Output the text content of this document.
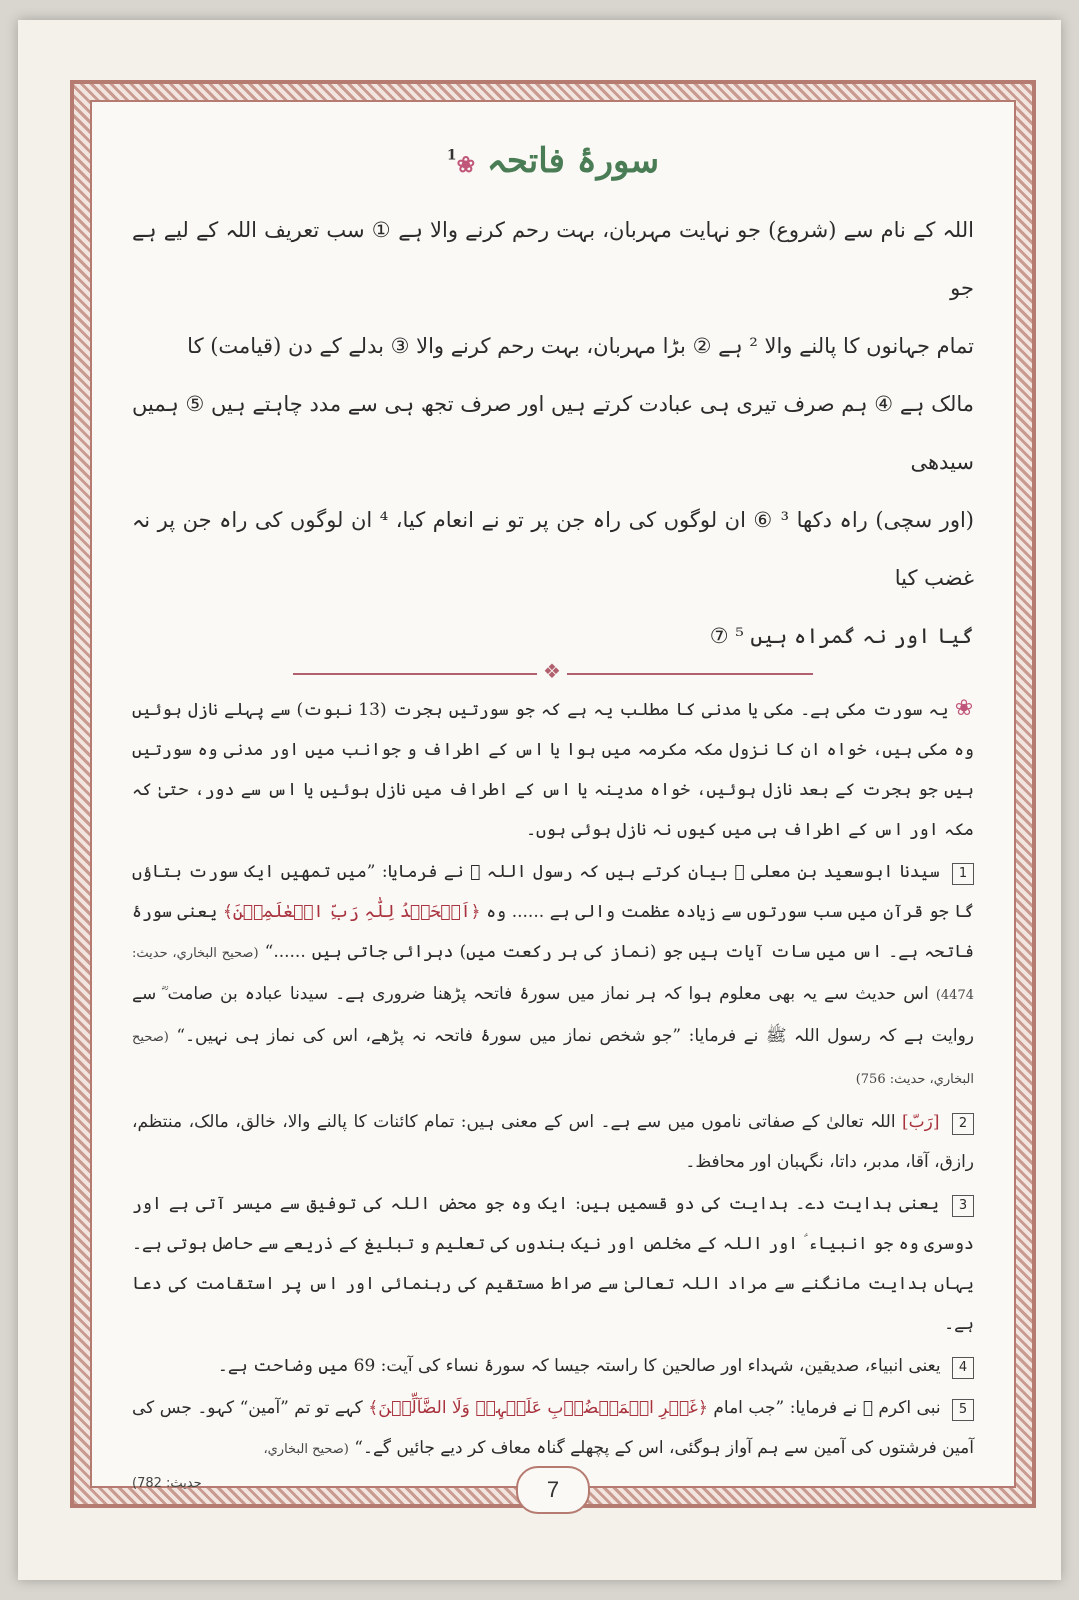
سورۂ فاتحہ ❀$^1$
اللہ کے نام سے (شروع) جو نہایت مہربان، بہت رحم کرنے والا ہے ① سب تعریف اللہ کے لیے ہے جو
تمام جہانوں کا پالنے والا ² ہے ② بڑا مہربان، بہت رحم کرنے والا ③ بدلے کے دن (قیامت) کا
مالک ہے ④ ہم صرف تیری ہی عبادت کرتے ہیں اور صرف تجھ ہی سے مدد چاہتے ہیں ⑤ ہمیں سیدھی
(اور سچی) راہ دکھا ³ ⑥ ان لوگوں کی راہ جن پر تو نے انعام کیا، ⁴ ان لوگوں کی راہ جن پر نہ غضب کیا
گیا اور نہ گمراہ ہیں ⁵ ⑦
❖

❀ یہ سورت مکی ہے۔ مکی یا مدنی کا مطلب یہ ہے کہ جو سورتیں ہجرت (13 نبوت) سے پہلے نازل ہوئیں وہ مکی ہیں، خواہ ان کا نزول مکہ مکرمہ میں ہوا یا اس کے اطراف و جوانب میں اور مدنی وہ سورتیں ہیں جو ہجرت کے بعد نازل ہوئیں، خواہ مدینہ یا اس کے اطراف میں نازل ہوئیں یا اس سے دور، حتیٰ کہ مکہ اور اس کے اطراف ہی میں کیوں نہ نازل ہوئی ہوں۔

1 سیدنا ابوسعید بن معلی ؓ بیان کرتے ہیں کہ رسول اللہ ﷺ نے فرمایا: ”میں تمھیں ایک سورت بتاؤں گا جو قرآن میں سب سورتوں سے زیادہ عظمت والی ہے ...... وہ ﴿اَلۡحَمۡدُ لِلّٰہِ رَبِّ الۡعٰلَمِیۡنَ﴾ یعنی سورۂ فاتحہ ہے۔ اس میں سات آیات ہیں جو (نماز کی ہر رکعت میں) دہرائی جاتی ہیں ......“ (صحيح البخاري، حديث: 4474) اس حدیث سے یہ بھی معلوم ہوا کہ ہر نماز میں سورۂ فاتحہ پڑھنا ضروری ہے۔ سیدنا عبادہ بن صامت ؓ سے روایت ہے کہ رسول اللہ ﷺ نے فرمایا: ”جو شخص نماز میں سورۂ فاتحہ نہ پڑھے، اس کی نماز ہی نہیں۔“ (صحيح البخاري، حديث: 756)

2 [رَبّ] اللہ تعالیٰ کے صفاتی ناموں میں سے ہے۔ اس کے معنی ہیں: تمام کائنات کا پالنے والا، خالق، مالک، منتظم، رازق، آقا، مدبر، داتا، نگہبان اور محافظ۔

3 یعنی ہدایت دے۔ ہدایت کی دو قسمیں ہیں: ایک وہ جو محض اللہ کی توفیق سے میسر آتی ہے اور دوسری وہ جو انبیاء ؑ اور اللہ کے مخلص اور نیک بندوں کی تعلیم و تبلیغ کے ذریعے سے حاصل ہوتی ہے۔ یہاں ہدایت مانگنے سے مراد اللہ تعالیٰ سے صراط مستقیم کی رہنمائی اور اس پر استقامت کی دعا ہے۔

4 یعنی انبیاء، صدیقین، شہداء اور صالحین کا راستہ جیسا کہ سورۂ نساء کی آیت: 69 میں وضاحت ہے۔

5 نبی اکرم ﷺ نے فرمایا: ”جب امام ﴿غَیۡرِ الۡمَغۡضُوۡبِ عَلَیۡہِمۡ وَلَا الضَّآلِّیۡنَ﴾ کہے تو تم ”آمین“ کہو۔ جس کی آمین فرشتوں کی آمین سے ہم آواز ہوگئی، اس کے پچھلے گناہ معاف کر دیے جائیں گے۔“ (صحيح البخاري،

حديث: 782)	7
